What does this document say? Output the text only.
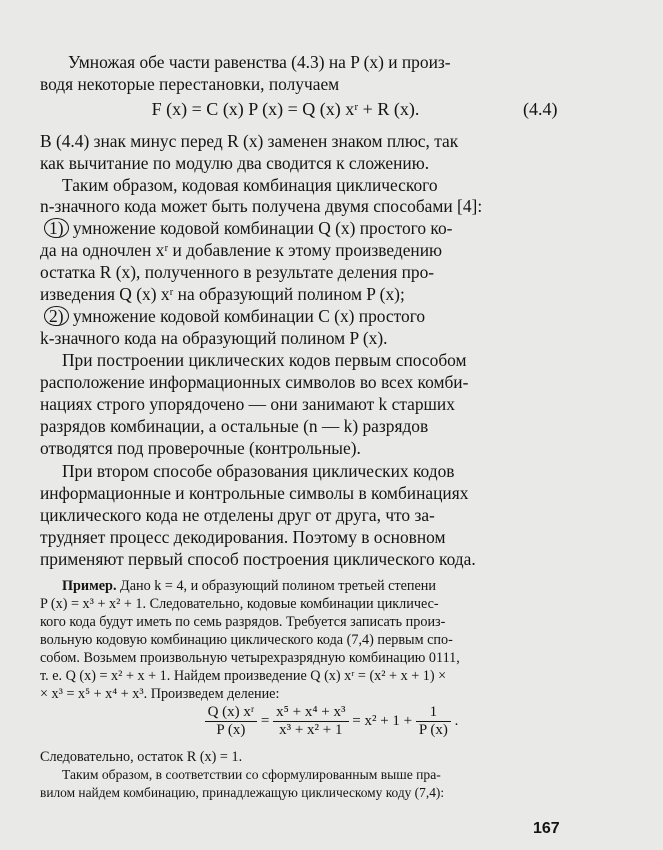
Умножая обе части равенства (4.3) на P (x) и произ-
водя некоторые перестановки, получаем
F (x) = C (x) P (x) = Q (x) xʳ + R (x).	(4.4)
В (4.4) знак минус перед R (x) заменен знаком плюс, так
как вычитание по модулю два сводится к сложению.
Таким образом, кодовая комбинация циклического
n-значного кода может быть получена двумя способами [4]:
1) умножение кодовой комбинации Q (x) простого ко-
да на одночлен xʳ и добавление к этому произведению
остатка R (x), полученного в результате деления про-
изведения Q (x) xʳ на образующий полином P (x);
2) умножение кодовой комбинации C (x) простого
k-значного кода на образующий полином P (x).
При построении циклических кодов первым способом
расположение информационных символов во всех комби-
нациях строго упорядочено — они занимают k старших
разрядов комбинации, а остальные (n — k) разрядов
отводятся под проверочные (контрольные).
При втором способе образования циклических кодов
информационные и контрольные символы в комбинациях
циклического кода не отделены друг от друга, что за-
трудняет процесс декодирования. Поэтому в основном
применяют первый способ построения циклического кода.
Пример. Дано k = 4, и образующий полином третьей степени
P (x) = x³ + x² + 1. Следовательно, кодовые комбинации цикличес-
кого кода будут иметь по семь разрядов. Требуется записать произ-
вольную кодовую комбинацию циклического кода (7,4) первым спо-
собом. Возьмем произвольную четырехразрядную комбинацию 0111,
т. е. Q (x) = x² + x + 1. Найдем произведение Q (x) xʳ = (x² + x + 1) ×
× x³ = x⁵ + x⁴ + x³. Произведем деление:
$\frac{\text{Q (x) xʳ}}{P (x)} = \frac{\text{x⁵ + x⁴ + x³}}{\text{x³ + x² + 1}} = x^2 + 1 + \frac{1}{P (x)}$ .
Следовательно, остаток R (x) = 1.
Таким образом, в соответствии со сформулированным выше пра-
вилом найдем комбинацию, принадлежащую циклическому коду (7,4):
167
